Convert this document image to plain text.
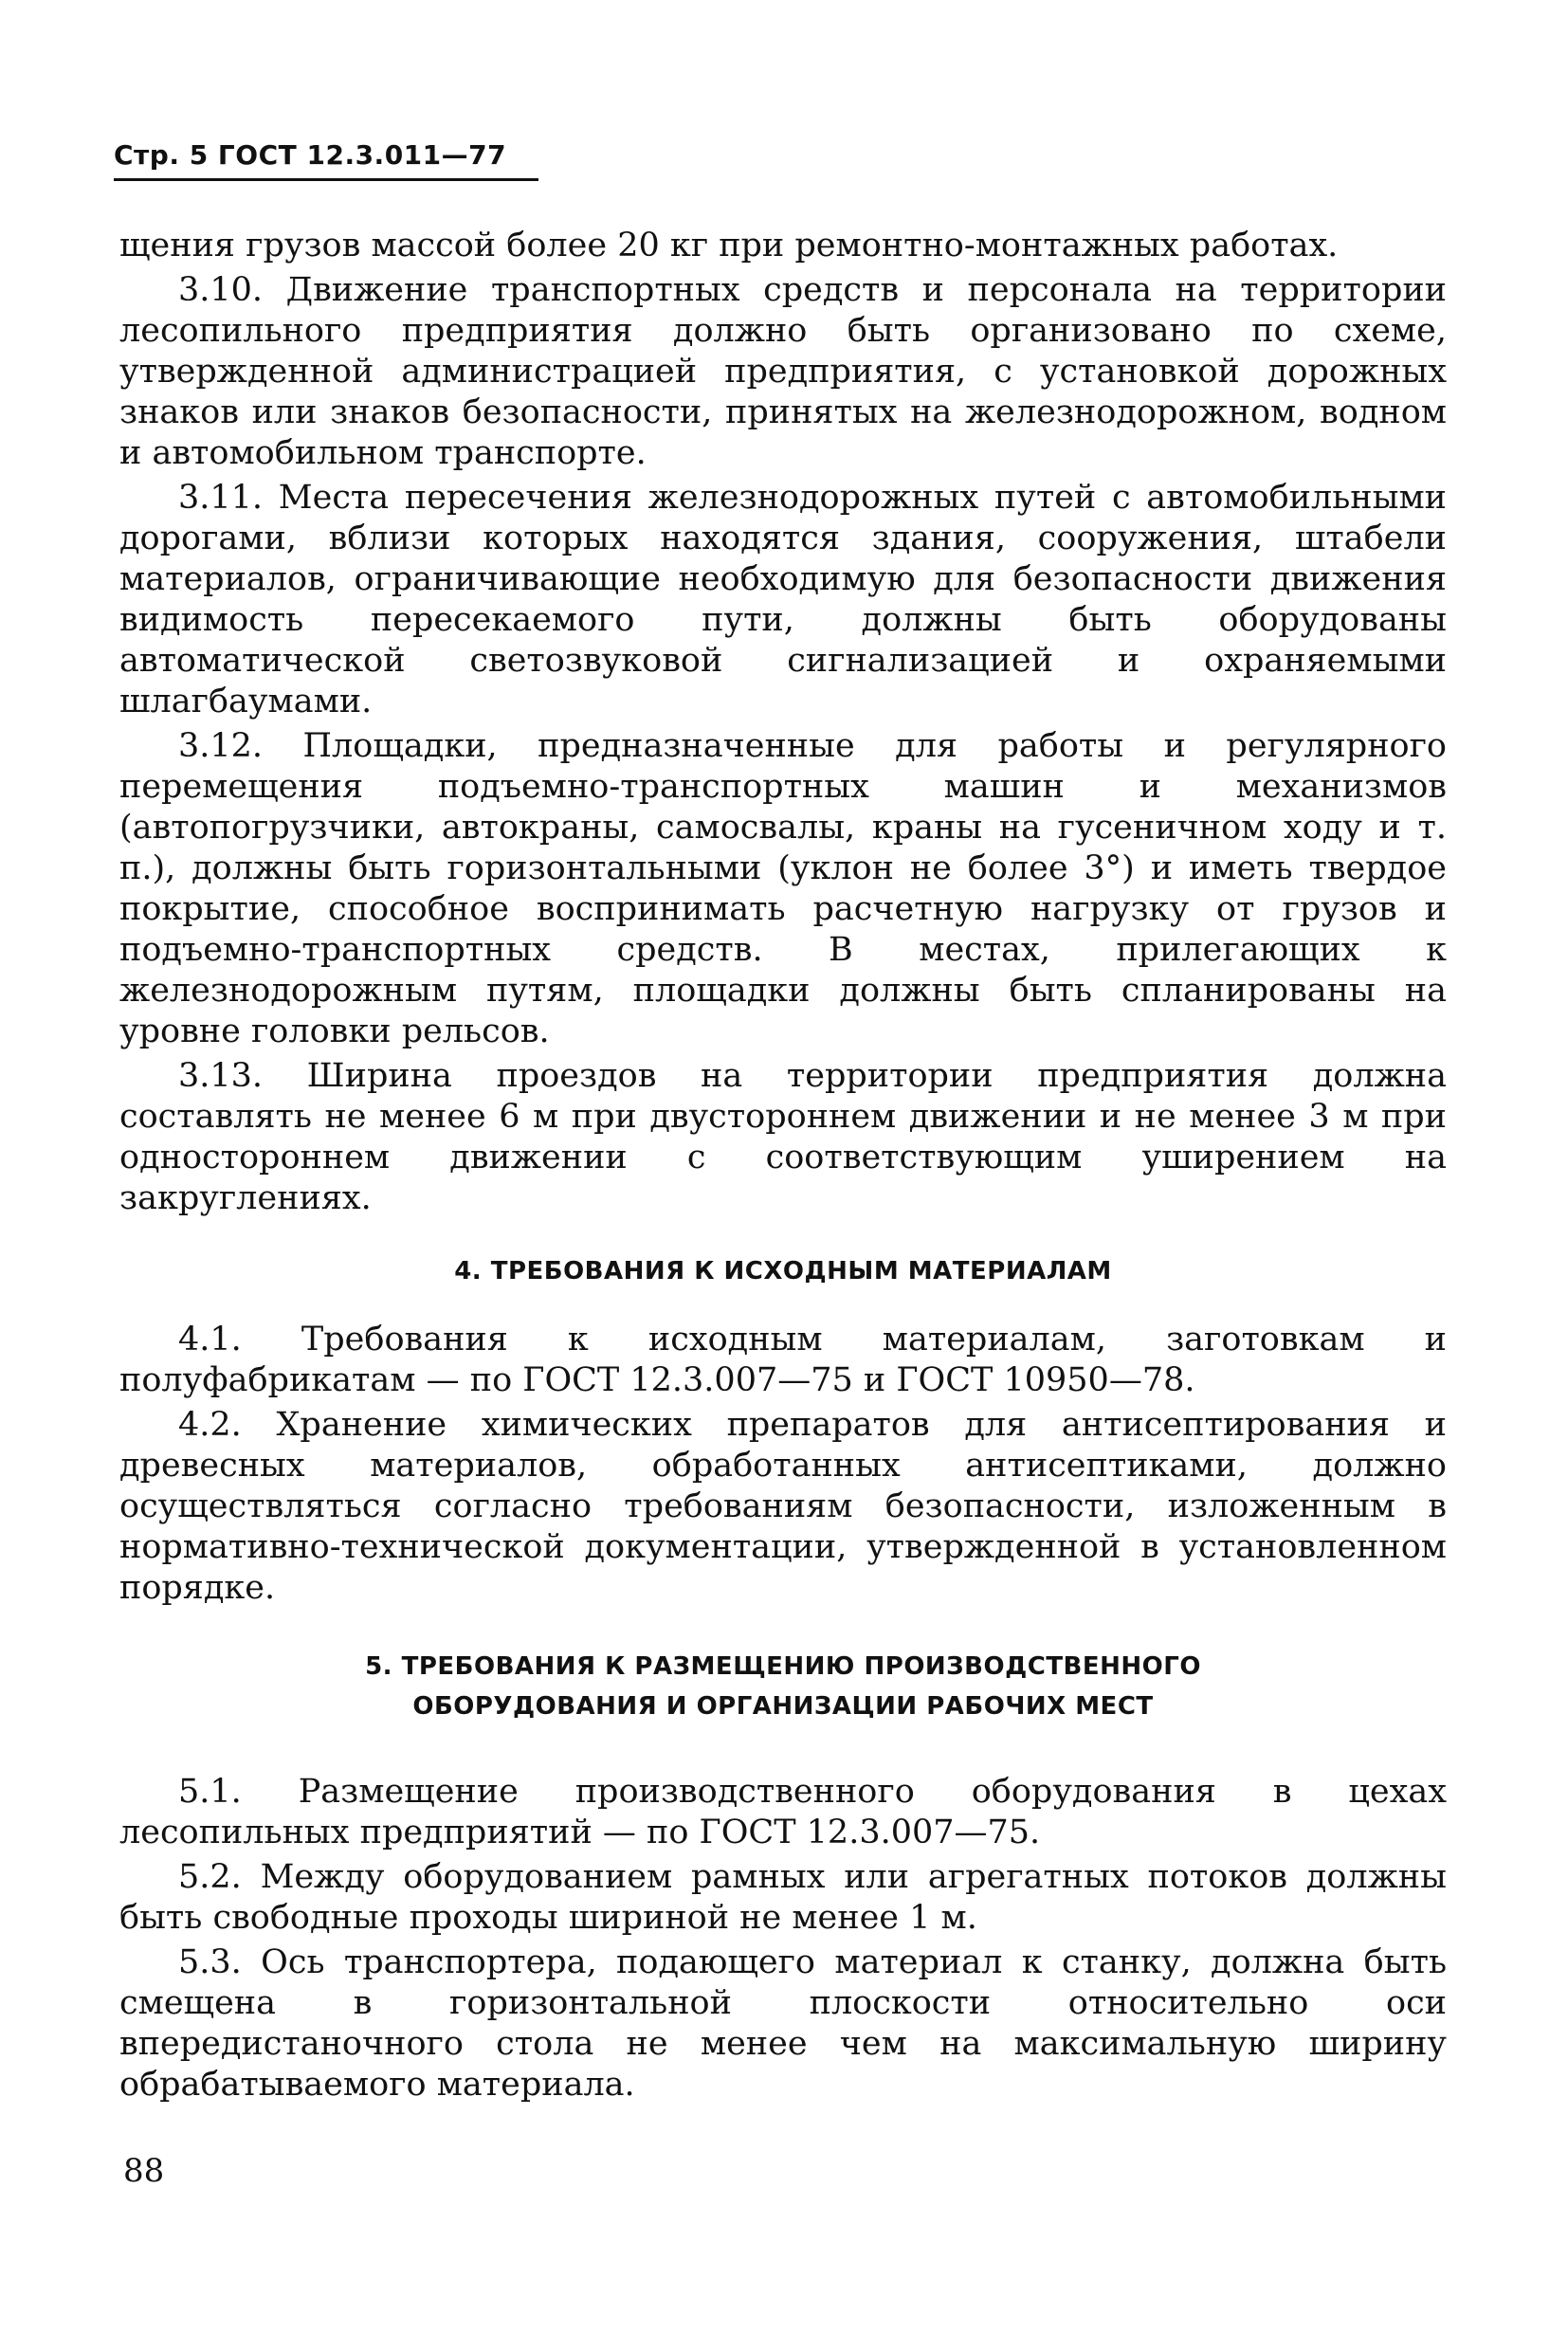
Стр. 5 ГОСТ 12.3.011—77

щения грузов массой более 20 кг при ремонтно-монтажных работах.

3.10. Движение транспортных средств и персонала на территории лесопильного предприятия должно быть организовано по схеме, утвержденной администрацией предприятия, с установкой дорожных знаков или знаков безопасности, принятых на железнодорожном, водном и автомобильном транспорте.

3.11. Места пересечения железнодорожных путей с автомобильными дорогами, вблизи которых находятся здания, сооружения, штабели материалов, ограничивающие необходимую для безопасности движения видимость пересекаемого пути, должны быть оборудованы автоматической светозвуковой сигнализацией и охраняемыми шлагбаумами.

3.12. Площадки, предназначенные для работы и регулярного перемещения подъемно-транспортных машин и механизмов (автопогрузчики, автокраны, самосвалы, краны на гусеничном ходу и т. п.), должны быть горизонтальными (уклон не более 3°) и иметь твердое покрытие, способное воспринимать расчетную нагрузку от грузов и подъемно-транспортных средств. В местах, прилегающих к железнодорожным путям, площадки должны быть спланированы на уровне головки рельсов.

3.13. Ширина проездов на территории предприятия должна составлять не менее 6 м при двустороннем движении и не менее 3 м при одностороннем движении с соответствующим уширением на закруглениях.

4. ТРЕБОВАНИЯ К ИСХОДНЫМ МАТЕРИАЛАМ

4.1. Требования к исходным материалам, заготовкам и полуфабрикатам — по ГОСТ 12.3.007—75 и ГОСТ 10950—78.

4.2. Хранение химических препаратов для антисептирования и древесных материалов, обработанных антисептиками, должно осуществляться согласно требованиям безопасности, изложенным в нормативно-технической документации, утвержденной в установленном порядке.

5. ТРЕБОВАНИЯ К РАЗМЕЩЕНИЮ ПРОИЗВОДСТВЕННОГО
ОБОРУДОВАНИЯ И ОРГАНИЗАЦИИ РАБОЧИХ МЕСТ

5.1. Размещение производственного оборудования в цехах лесопильных предприятий — по ГОСТ 12.3.007—75.

5.2. Между оборудованием рамных или агрегатных потоков должны быть свободные проходы шириной не менее 1 м.

5.3. Ось транспортера, подающего материал к станку, должна быть смещена в горизонтальной плоскости относительно оси впередистаночного стола не менее чем на максимальную ширину обрабатываемого материала.

88
